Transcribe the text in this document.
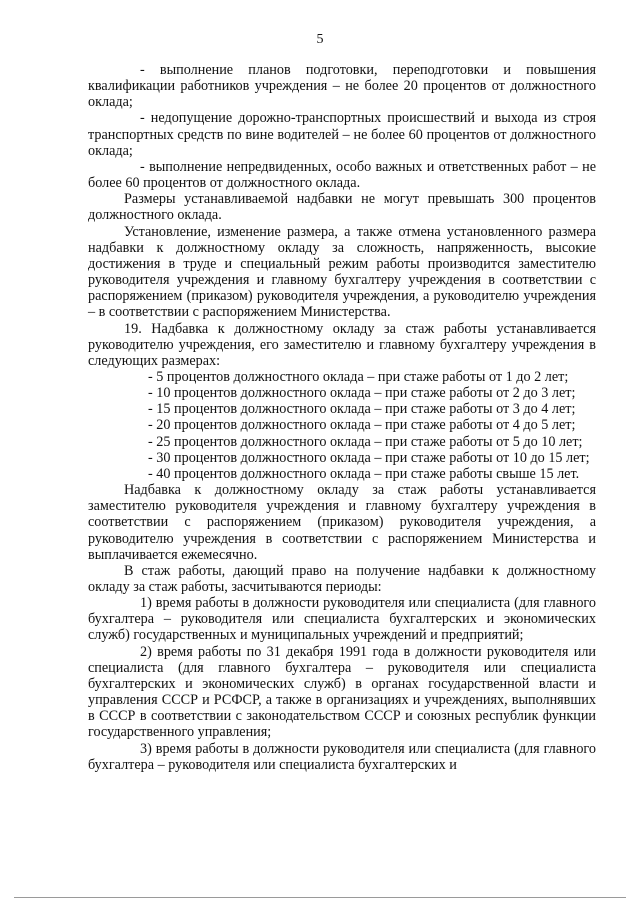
5

- выполнение планов подготовки, переподготовки и повышения квалификации работников учреждения – не более 20 процентов от должностного оклада;

- недопущение дорожно-транспортных происшествий и выхода из строя транспортных средств по вине водителей – не более 60 процентов от должностного оклада;

- выполнение непредвиденных, особо важных и ответственных работ – не более 60 процентов от должностного оклада.

Размеры устанавливаемой надбавки не могут превышать 300 процентов должностного оклада.

Установление, изменение размера, а также отмена установленного размера надбавки к должностному окладу за сложность, напряженность, высокие достижения в труде и специальный режим работы производится заместителю руководителя учреждения и главному бухгалтеру учреждения в соответствии с распоряжением (приказом) руководителя учреждения, а руководителю учреждения – в соответствии с распоряжением Министерства.

19. Надбавка к должностному окладу за стаж работы устанавливается руководителю учреждения, его заместителю и главному бухгалтеру учреждения в следующих размерах:

- 5 процентов должностного оклада – при стаже работы от 1 до 2 лет;

- 10 процентов должностного оклада – при стаже работы от 2 до 3 лет;

- 15 процентов должностного оклада – при стаже работы от 3 до 4 лет;

- 20 процентов должностного оклада – при стаже работы от 4 до 5 лет;

- 25 процентов должностного оклада – при стаже работы от 5 до 10 лет;

- 30 процентов должностного оклада – при стаже работы от 10 до 15 лет;

- 40 процентов должностного оклада – при стаже работы свыше 15 лет.

Надбавка к должностному окладу за стаж работы устанавливается заместителю руководителя учреждения и главному бухгалтеру учреждения в соответствии с распоряжением (приказом) руководителя учреждения, а руководителю учреждения в соответствии с распоряжением Министерства и выплачивается ежемесячно.

В стаж работы, дающий право на получение надбавки к должностному окладу за стаж работы, засчитываются периоды:

1) время работы в должности руководителя или специалиста (для главного бухгалтера – руководителя или специалиста бухгалтерских и экономических служб) государственных и муниципальных учреждений и предприятий;

2) время работы по 31 декабря 1991 года в должности руководителя или специалиста (для главного бухгалтера – руководителя или специалиста бухгалтерских и экономических служб) в органах государственной власти и управления СССР и РСФСР, а также в организациях и учреждениях, выполнявших в СССР в соответствии с законодательством СССР и союзных республик функции государственного управления;

3) время работы в должности руководителя или специалиста (для главного бухгалтера – руководителя или специалиста бухгалтерских и
